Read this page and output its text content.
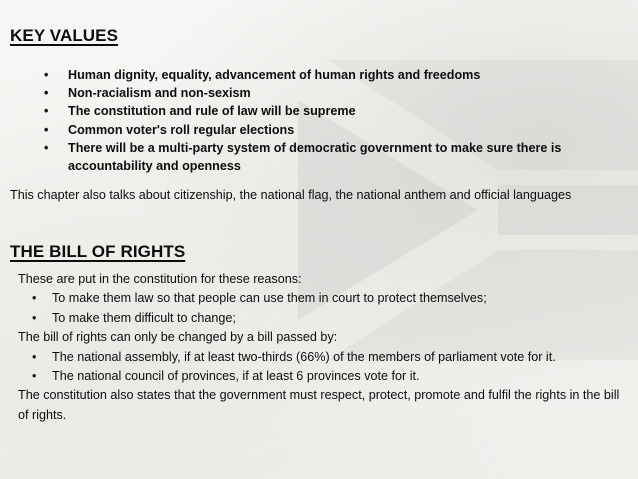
KEY VALUES
• Human dignity, equality, advancement of human rights and freedoms
• Non-racialism and non-sexism
• The constitution and rule of law will be supreme
• Common voter's roll regular elections
• There will be a multi-party system of democratic government to make sure there is accountability and openness
This chapter also talks about citizenship, the national flag, the national anthem and official languages
THE BILL OF RIGHTS
These are put in the constitution for these reasons:
• To make them law so that people can use them in court to protect themselves;
• To make them difficult to change;
The bill of rights can only be changed by a bill passed by:
• The national assembly, if at least two-thirds (66%) of the members of parliament vote for it.
• The national council of provinces, if at least 6 provinces vote for it.
The constitution also states that the government must respect, protect, promote and fulfil the rights in the bill of rights.
